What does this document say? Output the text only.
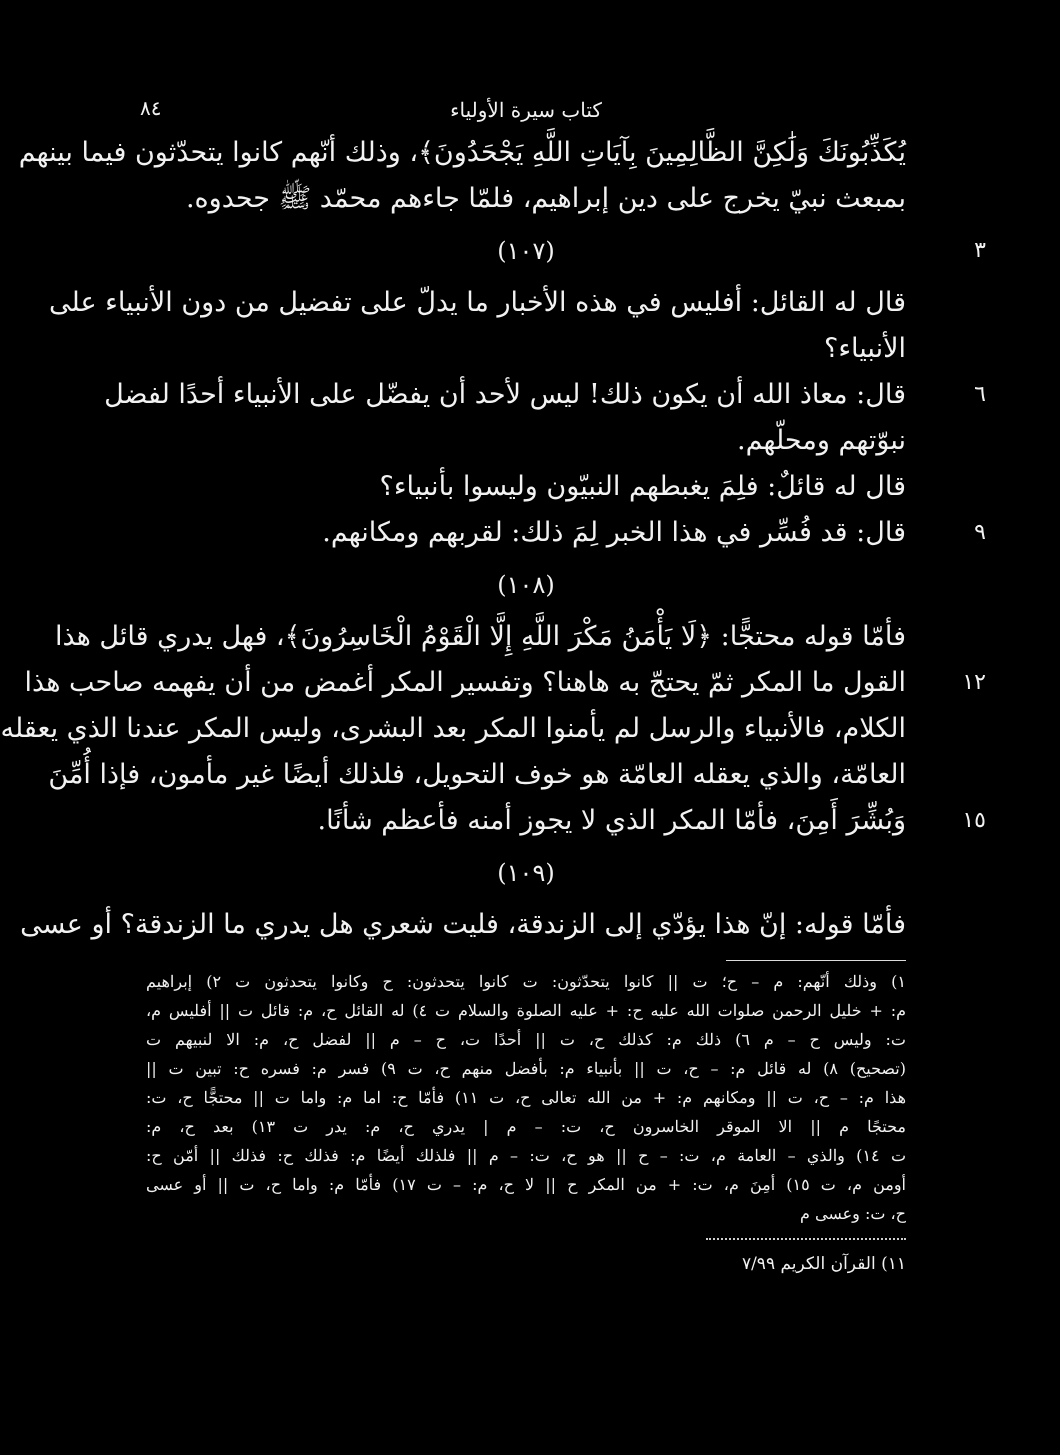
٨٤	كتاب سيرة الأولياء
يُكَذِّبُونَكَ وَلَٰكِنَّ الظَّالِمِينَ بِآيَاتِ اللَّهِ يَجْحَدُونَ﴾، وذلك أنّهم كانوا يتحدّثون فيما بينهم
بمبعث نبيّ يخرج على دين إبراهيم، فلمّا جاءهم محمّد ﷺ جحدوه.
(١٠٧)	٣
قال له القائل: أفليس في هذه الأخبار ما يدلّ على تفضيل من دون الأنبياء على
الأنبياء؟
قال: معاذ الله أن يكون ذلك! ليس لأحد أن يفضّل على الأنبياء أحدًا لفضل	٦
نبوّتهم ومحلّهم.
قال له قائلٌ: فلِمَ يغبطهم النبيّون وليسوا بأنبياء؟
قال: قد فُسِّر في هذا الخبر لِمَ ذلك: لقربهم ومكانهم.	٩
(١٠٨)
فأمّا قوله محتجًّا: ﴿لَا يَأْمَنُ مَكْرَ اللَّهِ إِلَّا الْقَوْمُ الْخَاسِرُونَ﴾، فهل يدري قائل هذا
القول ما المكر ثمّ يحتجّ به هاهنا؟ وتفسير المكر أغمض من أن يفهمه صاحب هذا	١٢
الكلام، فالأنبياء والرسل لم يأمنوا المكر بعد البشرى، وليس المكر عندنا الذي يعقله
العامّة، والذي يعقله العامّة هو خوف التحويل، فلذلك أيضًا غير مأمون، فإذا أُمِّنَ
وَبُشِّرَ أَمِنَ، فأمّا المكر الذي لا يجوز أمنه فأعظم شأنًا.	١٥
(١٠٩)
فأمّا قوله: إنّ هذا يؤدّي إلى الزندقة، فليت شعري هل يدري ما الزندقة؟ أو عسى
١) وذلك أنّهم: م – ح؛ ت || كانوا يتحدّثون: ت كانوا يتحدثون: ح وكانوا يتحدثون ت ٢) إبراهيم
م: + خليل الرحمن صلوات الله عليه ح: + عليه الصلوة والسلام ت ٤) له القائل ح، م: قائل ت || أفليس م،
ت: وليس ح – م ٦) ذلك م: كذلك ح، ت || أحدًا ت، ح – م || لفضل ح، م: الا لنبيهم ت
(تصحيح) ٨) له قائل م: – ح، ت || بأنبياء م: بأفضل منهم ح، ت ٩) فسر م: فسره ح: تبين ت ||
هذا م: – ح، ت || ومكانهم م: + من الله تعالى ح، ت ١١) فأمّا ح: اما م: واما ت || محتجًّا ح، ت:
محتجًا م || الا الموقر الخاسرون ح، ت: – م | يدري ح، م: يدر ت ١٣) بعد ح، م:
ت ١٤) والذي – العامة م، ت: – ح || هو ح، ت: – م || فلذلك أيضًا م: فذلك ح: فذلك || أمّن ح:
أومن م، ت ١٥) أمِنَ م، ت: + من المكر ح || لا ح، م: – ت ١٧) فأمّا م: واما ح، ت || أو عسى
ح، ت: وعسى م
١١) القرآن الكريم ٧/٩٩
